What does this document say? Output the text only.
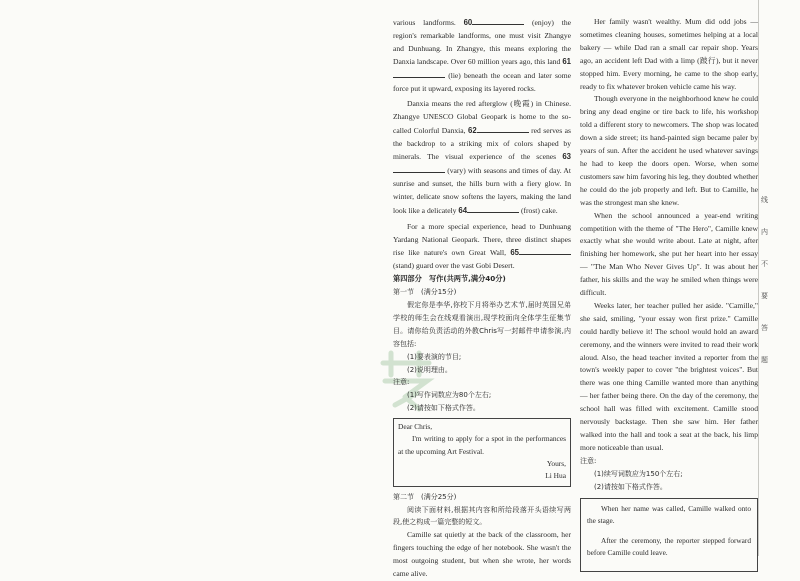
various landforms. 60	(enjoy) the region's remarkable landforms, one must visit Zhangye and Dunhuang. In Zhangye, this means exploring the Danxia landscape. Over 60 million years ago, this land 61 (lie) beneath the ocean and later some force put it upward, exposing its layered rocks.

Danxia means the red afterglow (晚霞) in Chinese. Zhangye UNESCO Global Geopark is home to the so-called Colorful Danxia, 62	red serves as the backdrop to a striking mix of colors shaped by minerals. The visual experience of the scenes 63 (vary) with seasons and times of day. At sunrise and sunset, the hills burn with a fiery glow. In winter, delicate snow softens the layers, making the land look like a delicately 64	(frost) cake.

For a more special experience, head to Dunhuang Yardang National Geopark. There, three distinct shapes rise like nature's own Great Wall, 65 (stand) guard over the vast Gobi Desert.

第四部分　写作(共两节,满分40分)

第一节　(满分15分)

假定你是李华,你校下月将举办艺术节,届时英国兄弟学校的师生会在线观看演出,现学校面向全体学生征集节目。请你给负责活动的外教Chris写一封邮件申请参演,内容包括:

(1)要表演的节目;

(2)说明理由。

注意:

(1)写作词数应为80个左右;

(2)请按如下格式作答。

Dear Chris,

I'm writing to apply for a spot in the performances at the upcoming Art Festival.

Yours,

Li Hua

第二节　(满分25分)

阅读下面材料,根据其内容和所给段落开头语续写两段,使之构成一篇完整的短文。

Camille sat quietly at the back of the classroom, her fingers touching the edge of her notebook. She wasn't the most outgoing student, but when she wrote, her words came alive.

Her family wasn't wealthy. Mum did odd jobs — sometimes cleaning houses, sometimes helping at a local bakery — while Dad ran a small car repair shop. Years ago, an accident left Dad with a limp (跛行), but it never stopped him. Every morning, he came to the shop early, ready to fix whatever broken vehicle came his way.

Though everyone in the neighborhood knew he could bring any dead engine or tire back to life, his workshop told a different story to newcomers. The shop was located down a side street; its hand-painted sign became paler by years of sun. After the accident he used whatever savings he had to keep the doors open. Worse, when some customers saw him favoring his leg, they doubted whether he could do the job properly and left. But to Camille, he was the strongest man she knew.

When the school announced a year-end writing competition with the theme of "The Hero", Camille knew exactly what she would write about. Late at night, after finishing her homework, she put her heart into her essay — "The Man Who Never Gives Up". It was about her father, his skills and the way he smiled when things were difficult.

Weeks later, her teacher pulled her aside. "Camille," she said, smiling, "your essay won first prize." Camille could hardly believe it! The school would hold an award ceremony, and the winners were invited to read their work aloud. Also, the head teacher invited a reporter from the town's weekly paper to cover "the brightest voices". But there was one thing Camille wanted more than anything — her father being there. On the day of the ceremony, the school hall was filled with excitement. Camille stood nervously backstage. Then she saw him. Her father walked into the hall and took a seat at the back, his limp more noticeable than usual.

注意:

(1)续写词数应为150个左右;

(2)请按如下格式作答。

When her name was called, Camille walked onto the stage.

After the ceremony, the reporter stepped forward before Camille could leave.

线
内
不
要
答
题
